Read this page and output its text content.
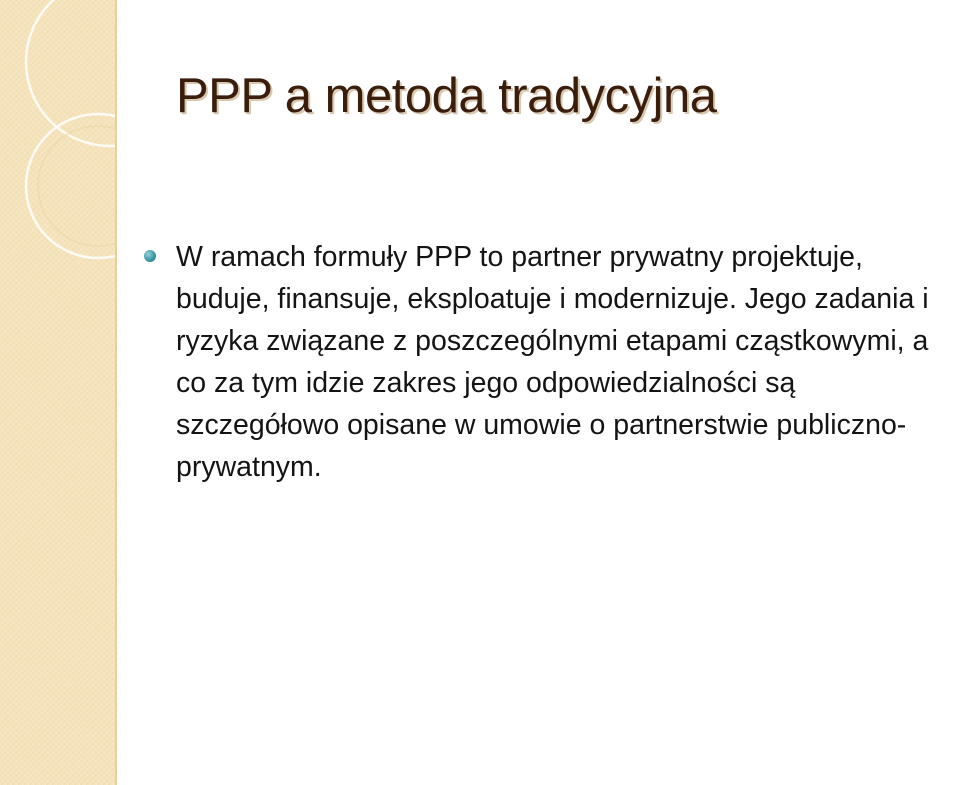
PPP a metoda tradycyjna
W ramach formuły PPP to partner prywatny projektuje, buduje, finansuje, eksploatuje i modernizuje. Jego zadania i ryzyka związane z poszczególnymi etapami cząstkowymi, a co za tym idzie zakres jego odpowiedzialności są szczegółowo opisane w umowie o partnerstwie publiczno-prywatnym.
